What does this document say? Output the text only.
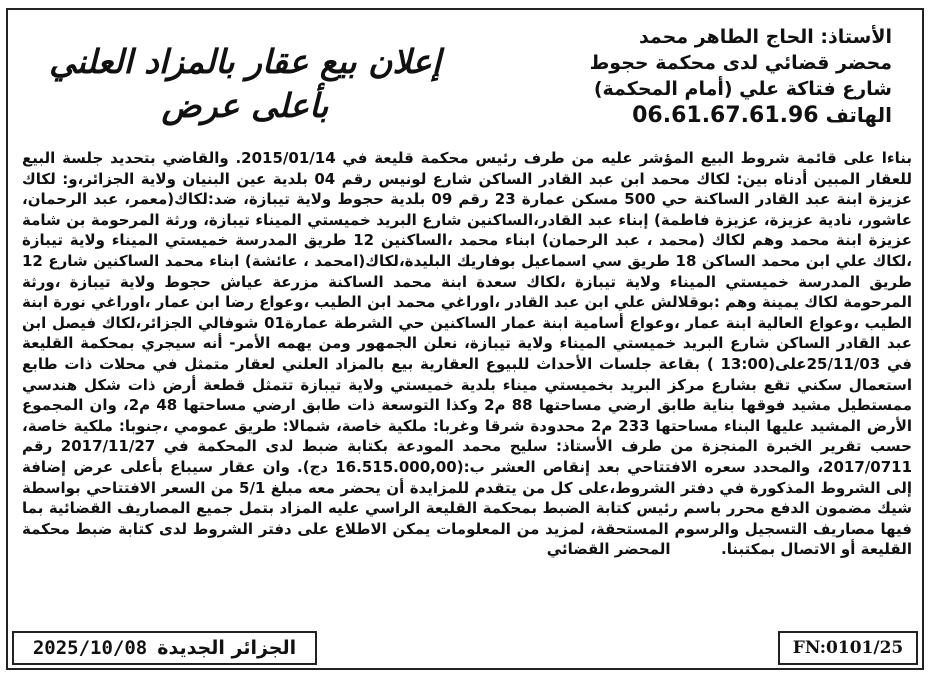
الأستاذ: الحاج الطاهر محمد
محضر قضائي لدى محكمة حجوط
شارع فتاكة علي (أمام المحكمة)
الهاتف 06.61.67.61.96
إعلان بيع عقار بالمزاد العلني
بأعلى عرض
بناءا على قائمة شروط البيع المؤشر عليه من طرف رئيس محكمة قليعة في 2015/01/14. والقاضي بتحديد جلسة البيع للعقار المبين أدناه بين: لكاك محمد ابن عبد القادر الساكن شارع لونيس رقم 04 بلدية عين البنيان ولاية الجزائر،و: لكاك عزيزة ابنة عبد القادر الساكنة حي 500 مسكن عمارة 23 رقم 09 بلدية حجوط ولاية تيبازة، ضد:لكاك(معمر، عبد الرحمان، عاشور، نادية عزيزة، عزيزة فاطمة) إبناء عبد القادر،الساكنين شارع البريد خميستي الميناء تيبازة، ورثة المرحومة بن شامة عزيزة ابنة محمد وهم لكاك (محمد ، عبد الرحمان) ابناء محمد ،الساكنين 12 طريق المدرسة خميستي الميناء ولاية تيبازة ،لكاك علي ابن محمد الساكن 18 طريق سي اسماعيل بوفاريك البليدة،لكاك(امحمد ، عائشة) ابناء محمد الساكنين شارع 12 طريق المدرسة خميستي الميناء ولاية تيبازة ،لكاك سعدة ابنة محمد الساكنة مزرعة عياش حجوط ولاية تيبازة ،ورثة المرحومة لكاك يمينة وهم :بوقلالش علي ابن عبد القادر ،اوراغي محمد ابن الطيب ،وعواع رضا ابن عمار ،اوراغي نورة ابنة الطيب ،وعواع العالية ابنة عمار ،وعواع أسامية ابنة عمار الساكنين حي الشرطة عمارة01 شوفالي الجزائر،لكاك فيصل ابن عبد القادر الساكن شارع البريد خميستي الميناء ولاية تيبازة، نعلن الجمهور ومن يهمه الأمر- أنه سيجري بمحكمة القليعة في 25/11/03على(13:00 ) بقاعة جلسات الأحداث للبيوع العقارية بيع بالمزاد العلني لعقار متمثل في محلات ذات طابع استعمال سكني تقع بشارع مركز البريد بخميستي ميناء بلدية خميستي ولاية تيبازة تتمثل قطعة أرض ذات شكل هندسي ممستطيل مشيد فوقها بناية طابق ارضي مساحتها 88 م2 وكذا التوسعة ذات طابق ارضي مساحتها 48 م2، وان المجموع الأرض المشيد عليها البناء مساحتها 233 م2 محدودة شرقا وغربا: ملكية خاصة، شمالا: طريق عمومي ،جنوبا: ملكية خاصة، حسب تقرير الخبرة المنجزة من طرف الأستاذ: سليح محمد المودعة بكتابة ضبط لدى المحكمة في 2017/11/27 رقم 2017/0711، والمحدد سعره الافتتاحي بعد إنقاص العشر ب:(16.515.000,00 دج). وان عقار سيباع بأعلى عرض إضافة إلى الشروط المذكورة في دفتر الشروط،على كل من يتقدم للمزايدة أن يحضر معه مبلغ 5/1 من السعر الافتتاحي بواسطة شيك مضمون الدفع محرر باسم رئيس كتابة الضبط بمحكمة القليعة الراسي عليه المزاد بتمل جميع المصاريف القضائية بما فيها مصاريف التسجيل والرسوم المستحقة، لمزيد من المعلومات يمكن الاطلاع على دفتر الشروط لدى كتابة ضبط محكمة القليعة أو الاتصال بمكتبنا.  المحضر القضائي
الجزائر الجديدة
2025/10/08	FN:0101/25
